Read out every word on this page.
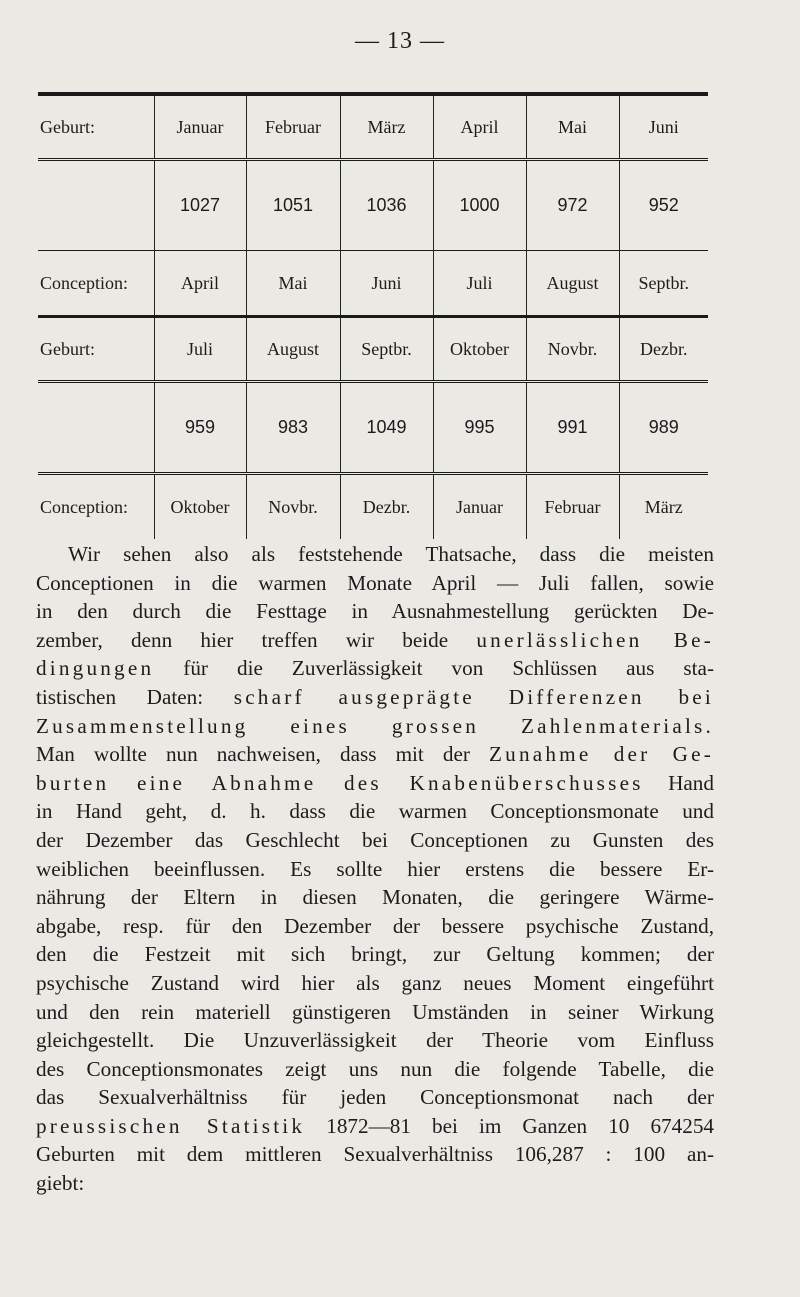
— 13 —
Geburt:	Januar	Februar	März	April	Mai	Juni
	1027	1051	1036	1000	972	952
Conception:	April	Mai	Juni	Juli	August	Septbr.
Geburt:	Juli	August	Septbr.	Oktober	Novbr.	Dezbr.
	959	983	1049	995	991	989
Conception:	Oktober	Novbr.	Dezbr.	Januar	Februar	März
Wir sehen also als feststehende Thatsache, dass die meisten
Conceptionen in die warmen Monate April — Juli fallen, sowie
in den durch die Festtage in Ausnahmestellung gerückten De-
zember, denn hier treffen wir beide unerlässlichen Be-
dingungen für die Zuverlässigkeit von Schlüssen aus sta-
tistischen Daten: scharf ausgeprägte Differenzen bei
Zusammenstellung eines grossen Zahlenmaterials.
Man wollte nun nachweisen, dass mit der Zunahme der Ge-
burten eine Abnahme des Knabenüberschusses Hand
in Hand geht, d. h. dass die warmen Conceptionsmonate und
der Dezember das Geschlecht bei Conceptionen zu Gunsten des
weiblichen beeinflussen. Es sollte hier erstens die bessere Er-
nährung der Eltern in diesen Monaten, die geringere Wärme-
abgabe, resp. für den Dezember der bessere psychische Zustand,
den die Festzeit mit sich bringt, zur Geltung kommen; der
psychische Zustand wird hier als ganz neues Moment eingeführt
und den rein materiell günstigeren Umständen in seiner Wirkung
gleichgestellt. Die Unzuverlässigkeit der Theorie vom Einfluss
des Conceptionsmonates zeigt uns nun die folgende Tabelle, die
das Sexualverhältniss für jeden Conceptionsmonat nach der
preussischen Statistik 1872—81 bei im Ganzen 10 674254
Geburten mit dem mittleren Sexualverhältniss 106,287 : 100 an-
giebt:
